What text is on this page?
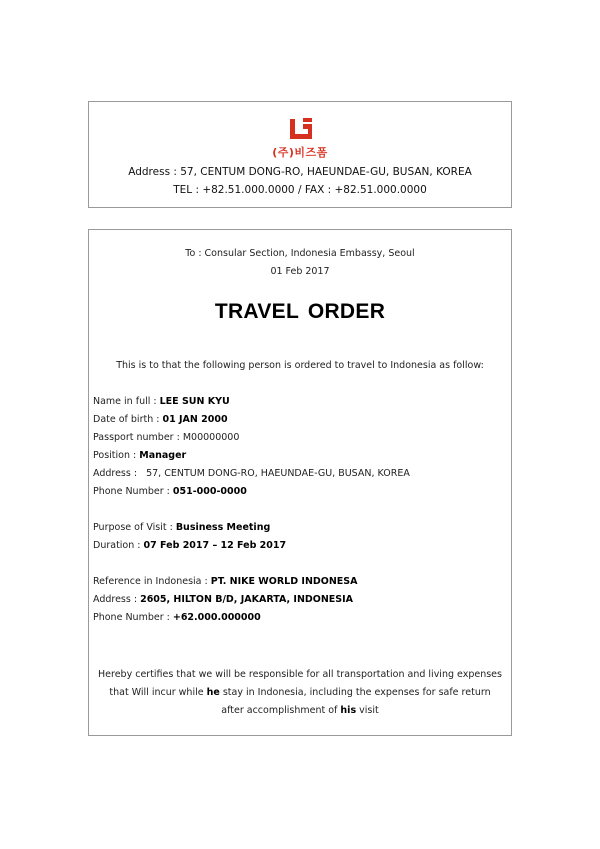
(주)비즈폼
Address : 57, CENTUM DONG-RO, HAEUNDAE-GU, BUSAN, KOREA
TEL : +82.51.000.0000 / FAX : +82.51.000.0000
To : Consular Section, Indonesia Embassy, Seoul
01 Feb 2017
TRAVEL ORDER
This is to that the following person is ordered to travel to Indonesia as follow:
Name in full : LEE SUN KYU
Date of birth : 01 JAN 2000
Passport number : M00000000
Position : Manager
Address : 57, CENTUM DONG-RO, HAEUNDAE-GU, BUSAN, KOREA
Phone Number : 051-000-0000
Purpose of Visit : Business Meeting
Duration : 07 Feb 2017 – 12 Feb 2017
Reference in Indonesia : PT. NIKE WORLD INDONESA
Address : 2605, HILTON B/D, JAKARTA, INDONESIA
Phone Number : +62.000.000000
Hereby certifies that we will be responsible for all transportation and living expenses
that Will incur while he stay in Indonesia, including the expenses for safe return
after accomplishment of his visit
